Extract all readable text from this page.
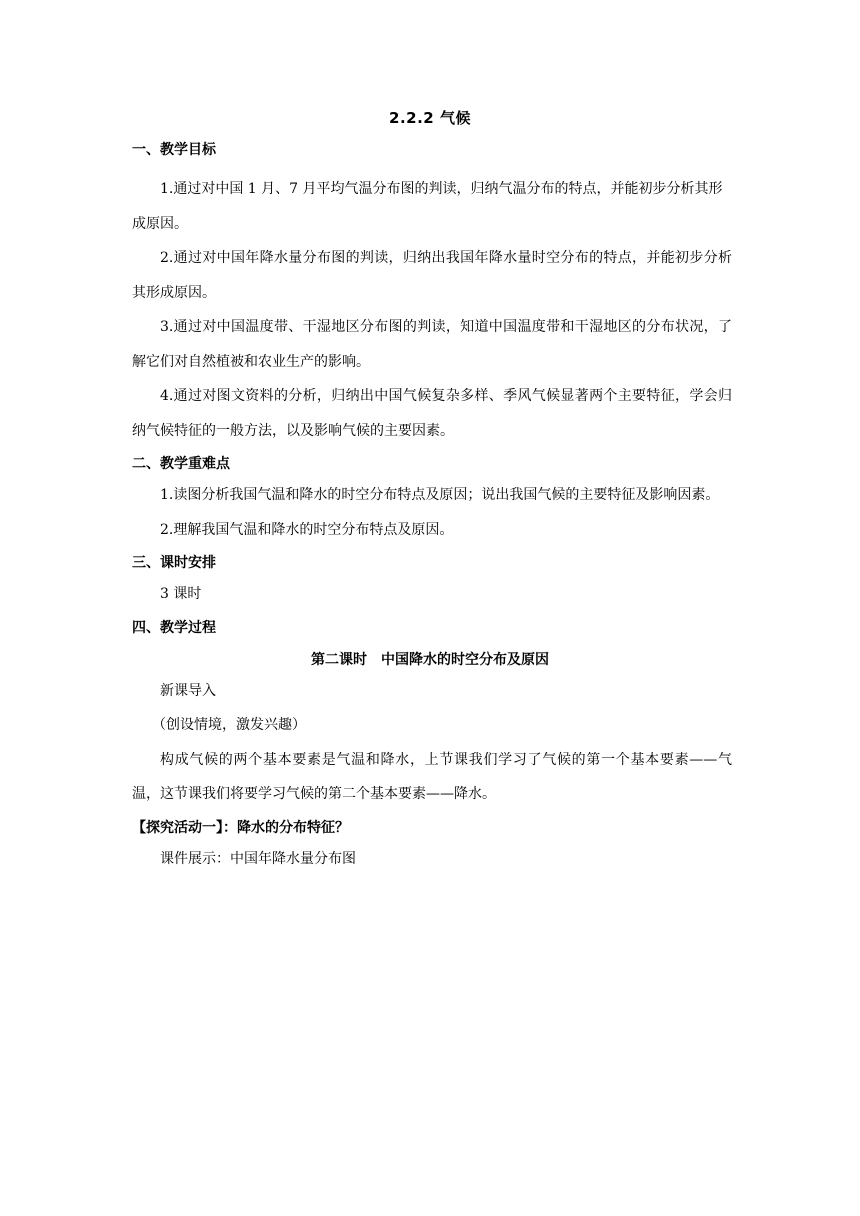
2.2.2 气候
一、教学目标

1.通过对中国 1 月、7 月平均气温分布图的判读，归纳气温分布的特点，并能初步分析其形成原因。

2.通过对中国年降水量分布图的判读，归纳出我国年降水量时空分布的特点，并能初步分析其形成原因。

3.通过对中国温度带、干湿地区分布图的判读，知道中国温度带和干湿地区的分布状况，了解它们对自然植被和农业生产的影响。

4.通过对图文资料的分析，归纳出中国气候复杂多样、季风气候显著两个主要特征，学会归纳气候特征的一般方法，以及影响气候的主要因素。

二、教学重难点

1.读图分析我国气温和降水的时空分布特点及原因；说出我国气候的主要特征及影响因素。

2.理解我国气温和降水的时空分布特点及原因。

三、课时安排

3 课时

四、教学过程
第二课时　中国降水的时空分布及原因

新课导入

（创设情境，激发兴趣）

构成气候的两个基本要素是气温和降水，上节课我们学习了气候的第一个基本要素——气温，这节课我们将要学习气候的第二个基本要素——降水。

【探究活动一】：降水的分布特征？

课件展示：中国年降水量分布图
